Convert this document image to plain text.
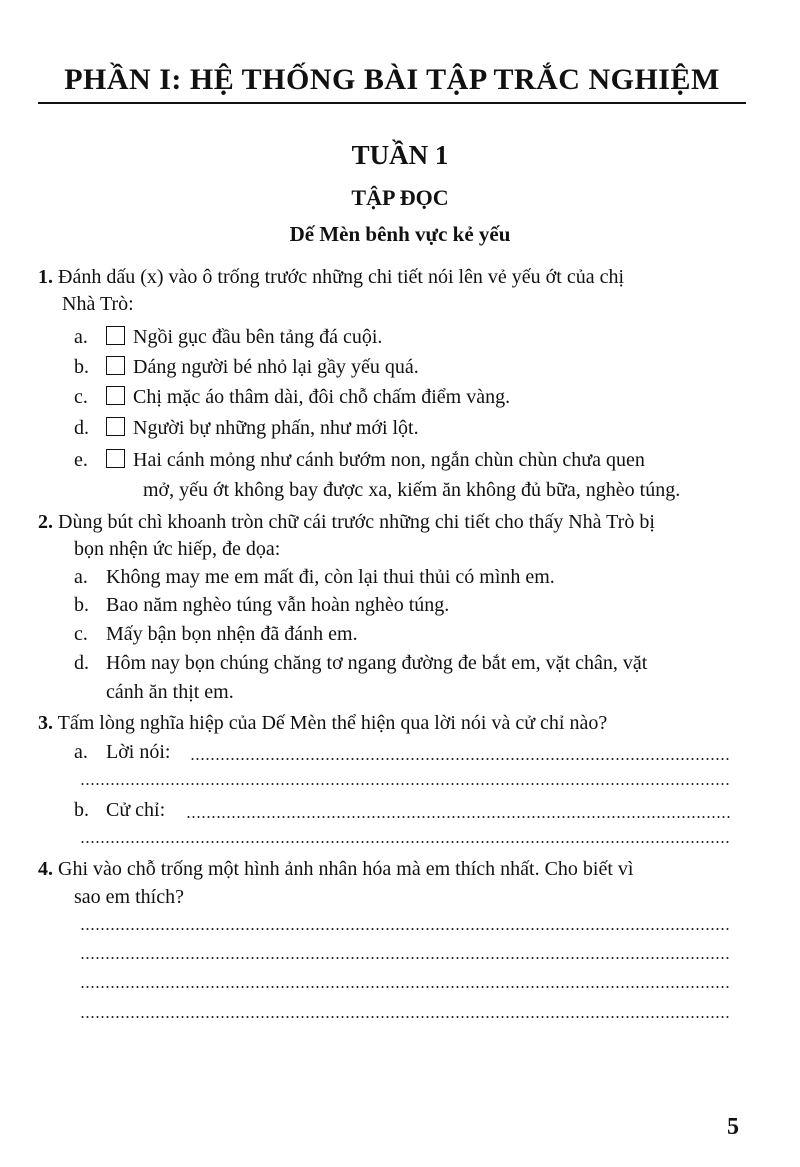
PHẦN I: HỆ THỐNG BÀI TẬP TRẮC NGHIỆM
TUẦN 1
TẬP ĐỌC
Dế Mèn bênh vực kẻ yếu
1. Đánh dấu (x) vào ô trống trước những chi tiết nói lên vẻ yếu ớt của chị
Nhà Trò:
a. Ngồi gục đầu bên tảng đá cuội.
b. Dáng người bé nhỏ lại gầy yếu quá.
c. Chị mặc áo thâm dài, đôi chỗ chấm điểm vàng.
d. Người bự những phấn, như mới lột.
e. Hai cánh mỏng như cánh bướm non, ngắn chùn chùn chưa quen
mở, yếu ớt không bay được xa, kiếm ăn không đủ bữa, nghèo túng.
2. Dùng bút chì khoanh tròn chữ cái trước những chi tiết cho thấy Nhà Trò bị
bọn nhện ức hiếp, đe dọa:
a. Không may me em mất đi, còn lại thui thủi có mình em.
b. Bao năm nghèo túng vẫn hoàn nghèo túng.
c. Mấy bận bọn nhện đã đánh em.
d. Hôm nay bọn chúng chăng tơ ngang đường đe bắt em, vặt chân, vặt
cánh ăn thịt em.
3. Tấm lòng nghĩa hiệp của Dế Mèn thể hiện qua lời nói và cử chỉ nào?
a. Lời nói:
b. Cử chỉ:
4. Ghi vào chỗ trống một hình ảnh nhân hóa mà em thích nhất. Cho biết vì
sao em thích?
5
